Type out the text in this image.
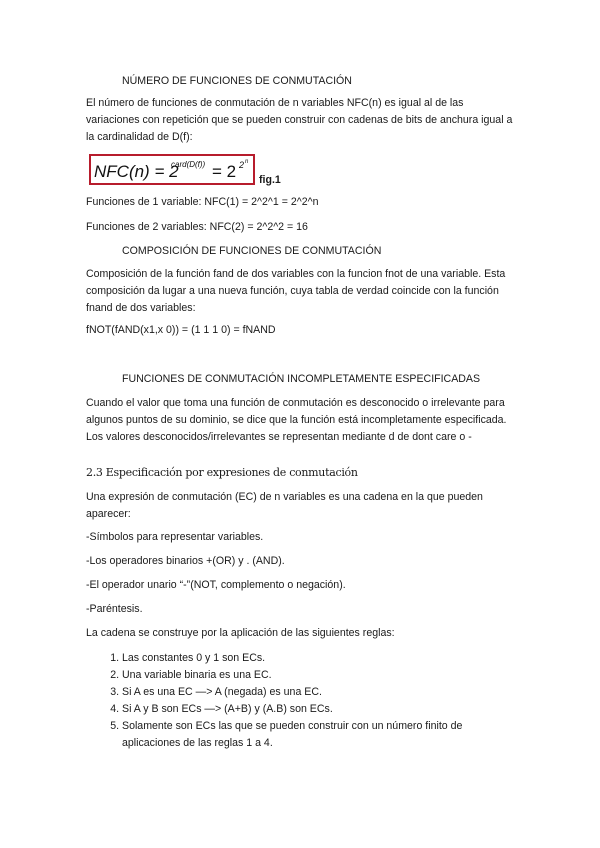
NÚMERO DE FUNCIONES DE CONMUTACIÓN

El número de funciones de conmutación de n variables NFC(n) es igual al de las variaciones con repetición que se pueden construir con cadenas de bits de anchura igual a la cardinalidad de D(f):

NFC(n) = 2
card(D(f)) = 2 2 n
fig.1

Funciones de 1 variable: NFC(1) = 2^2^1 = 2^2^n

Funciones de 2 variables: NFC(2) = 2^2^2 = 16

COMPOSICIÓN DE FUNCIONES DE CONMUTACIÓN

Composición de la función fand de dos variables con la funcion fnot de una variable. Esta composición da lugar a una nueva función, cuya tabla de verdad coincide con la función fnand de dos variables:

fNOT(fAND(x1,x 0)) = (1 1 1 0) = fNAND

FUNCIONES DE CONMUTACIÓN INCOMPLETAMENTE ESPECIFICADAS

Cuando el valor que toma una función de conmutación es desconocido o irrelevante para algunos puntos de su dominio, se dice que la función está incompletamente especificada. Los valores desconocidos/irrelevantes se representan mediante d de dont care o -

2.3 Especificación por expresiones de conmutación

Una expresión de conmutación (EC) de n variables es una cadena en la que pueden aparecer:

-Símbolos para representar variables.

-Los operadores binarios +(OR) y . (AND).

-El operador unario “-”(NOT, complemento o negación).

-Paréntesis.

La cadena se construye por la aplicación de las siguientes reglas:

1. Las constantes 0 y 1 son ECs.
2. Una variable binaria es una EC.
3. Si A es una EC —> A (negada) es una EC.
4. Si A y B son ECs —> (A+B) y (A.B) son ECs.
5. Solamente son ECs las que se pueden construir con un número finito de aplicaciones de las reglas 1 a 4.
